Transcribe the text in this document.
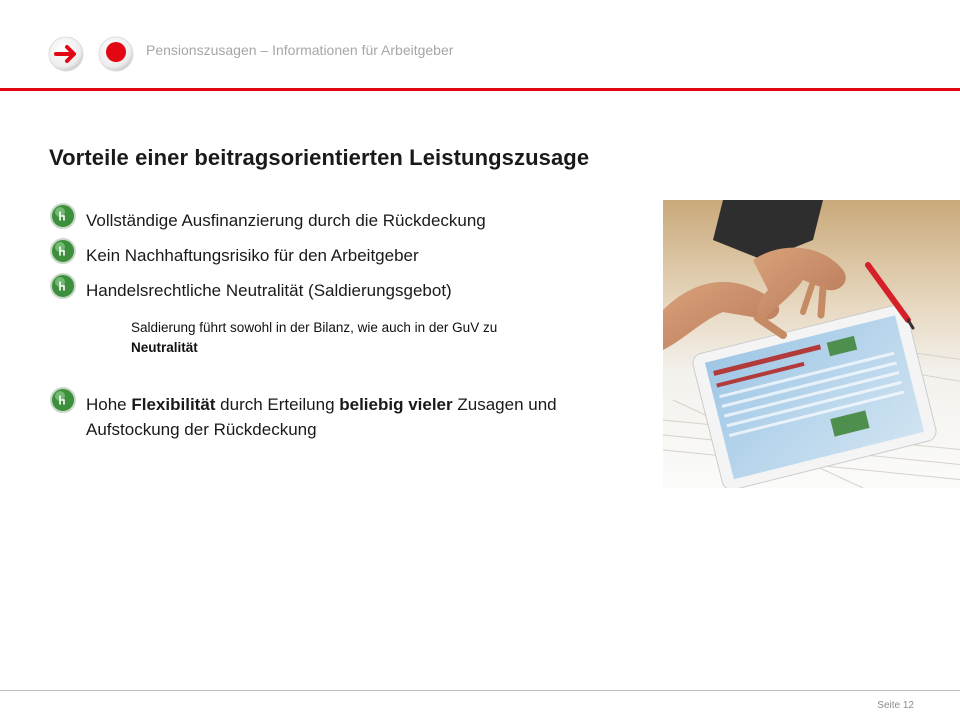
Pensionszusagen – Informationen für Arbeitgeber
Vorteile einer beitragsorientierten Leistungszusage
Vollständige Ausfinanzierung durch die Rückdeckung
Kein Nachhaftungsrisiko für den Arbeitgeber
Handelsrechtliche Neutralität (Saldierungsgebot)
Saldierung führt sowohl in der Bilanz, wie auch in der GuV zu
Neutralität
Hohe Flexibilität durch Erteilung beliebig vieler Zusagen und Aufstockung der Rückdeckung
Seite 12
